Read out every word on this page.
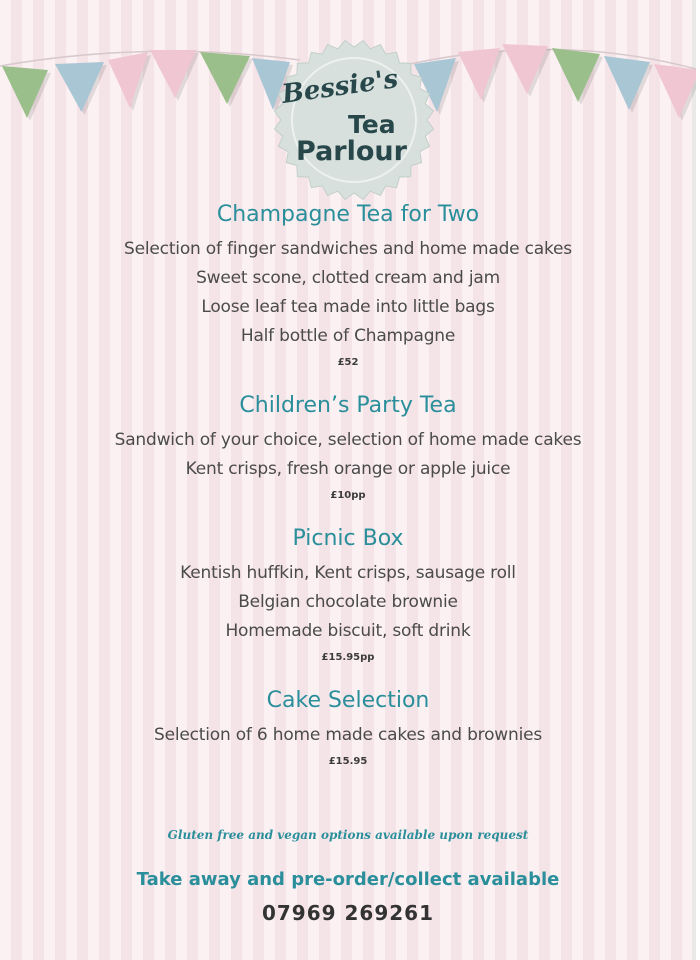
Bessie's
Tea
Parlour
Champagne Tea for Two
Selection of finger sandwiches and home made cakes
Sweet scone, clotted cream and jam
Loose leaf tea made into little bags
Half bottle of Champagne
£52
Children’s Party Tea
Sandwich of your choice, selection of home made cakes
Kent crisps, fresh orange or apple juice
£10pp
Picnic Box
Kentish huffkin, Kent crisps, sausage roll
Belgian chocolate brownie
Homemade biscuit, soft drink
£15.95pp
Cake Selection
Selection of 6 home made cakes and brownies
£15.95
Gluten free and vegan options available upon request
Take away and pre-order/collect available
07969 269261
